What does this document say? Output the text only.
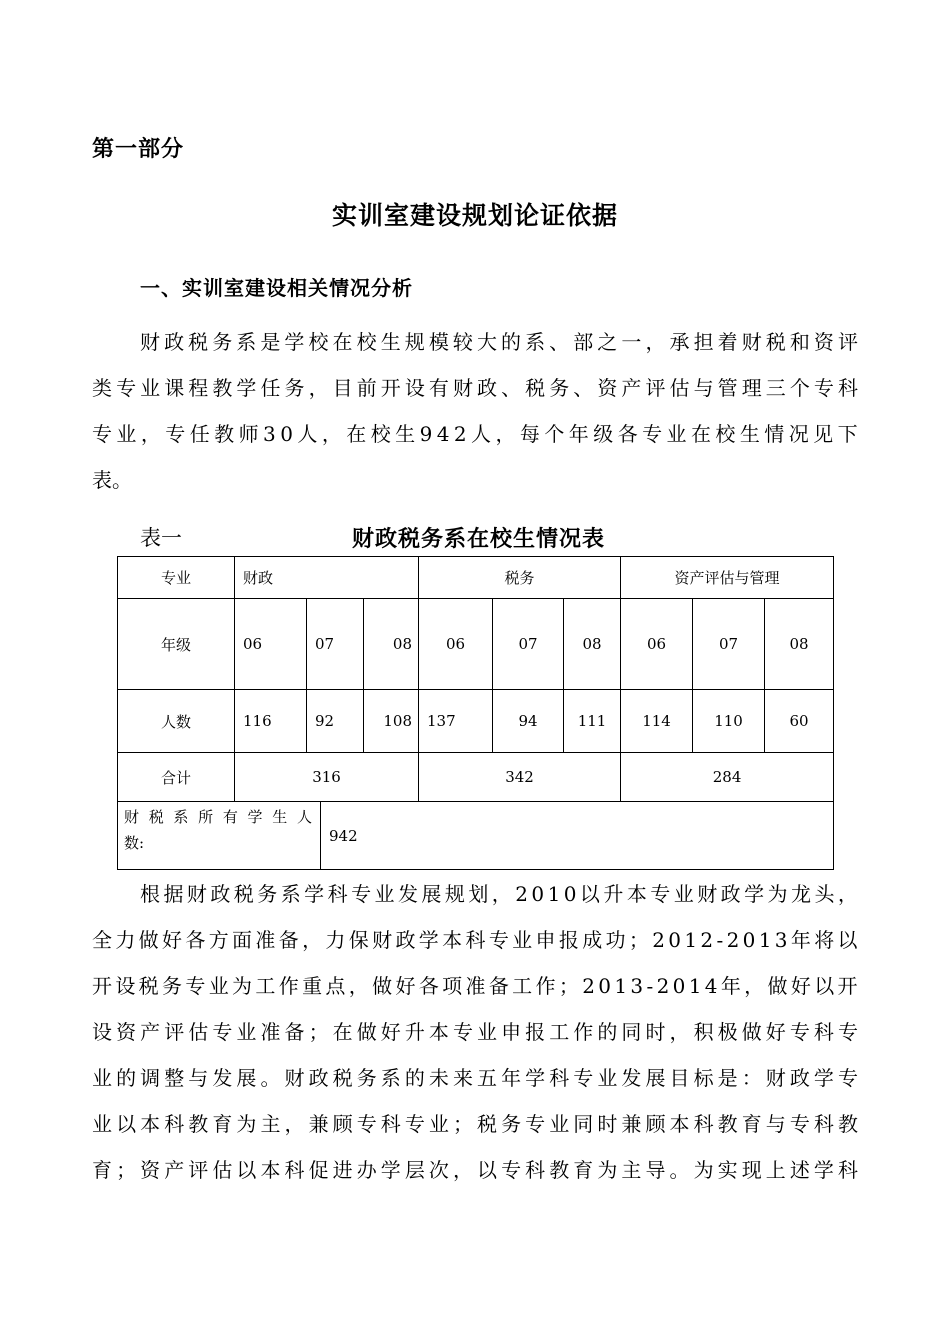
第一部分
实训室建设规划论证依据
一、实训室建设相关情况分析
财政税务系是学校在校生规模较大的系、部之一，承担着财税和资评
类专业课程教学任务，目前开设有财政、税务、资产评估与管理三个专科
专业，专任教师30人，在校生942人，每个年级各专业在校生情况见下
表。
表一	财政税务系在校生情况表
专业	财政			税务			资产评估与管理		
年级	06	07	08	06	07	08	06	07	08
人数	116	92	108	137	94	111	114	110	60
合计	316			342			284		
财税系所有学生人
数:	942
根据财政税务系学科专业发展规划，2010以升本专业财政学为龙头，
全力做好各方面准备，力保财政学本科专业申报成功；2012-2013年将以
开设税务专业为工作重点，做好各项准备工作；2013-2014年，做好以开
设资产评估专业准备；在做好升本专业申报工作的同时，积极做好专科专
业的调整与发展。财政税务系的未来五年学科专业发展目标是：财政学专
业以本科教育为主，兼顾专科专业；税务专业同时兼顾本科教育与专科教
育；资产评估以本科促进办学层次，以专科教育为主导。为实现上述学科
